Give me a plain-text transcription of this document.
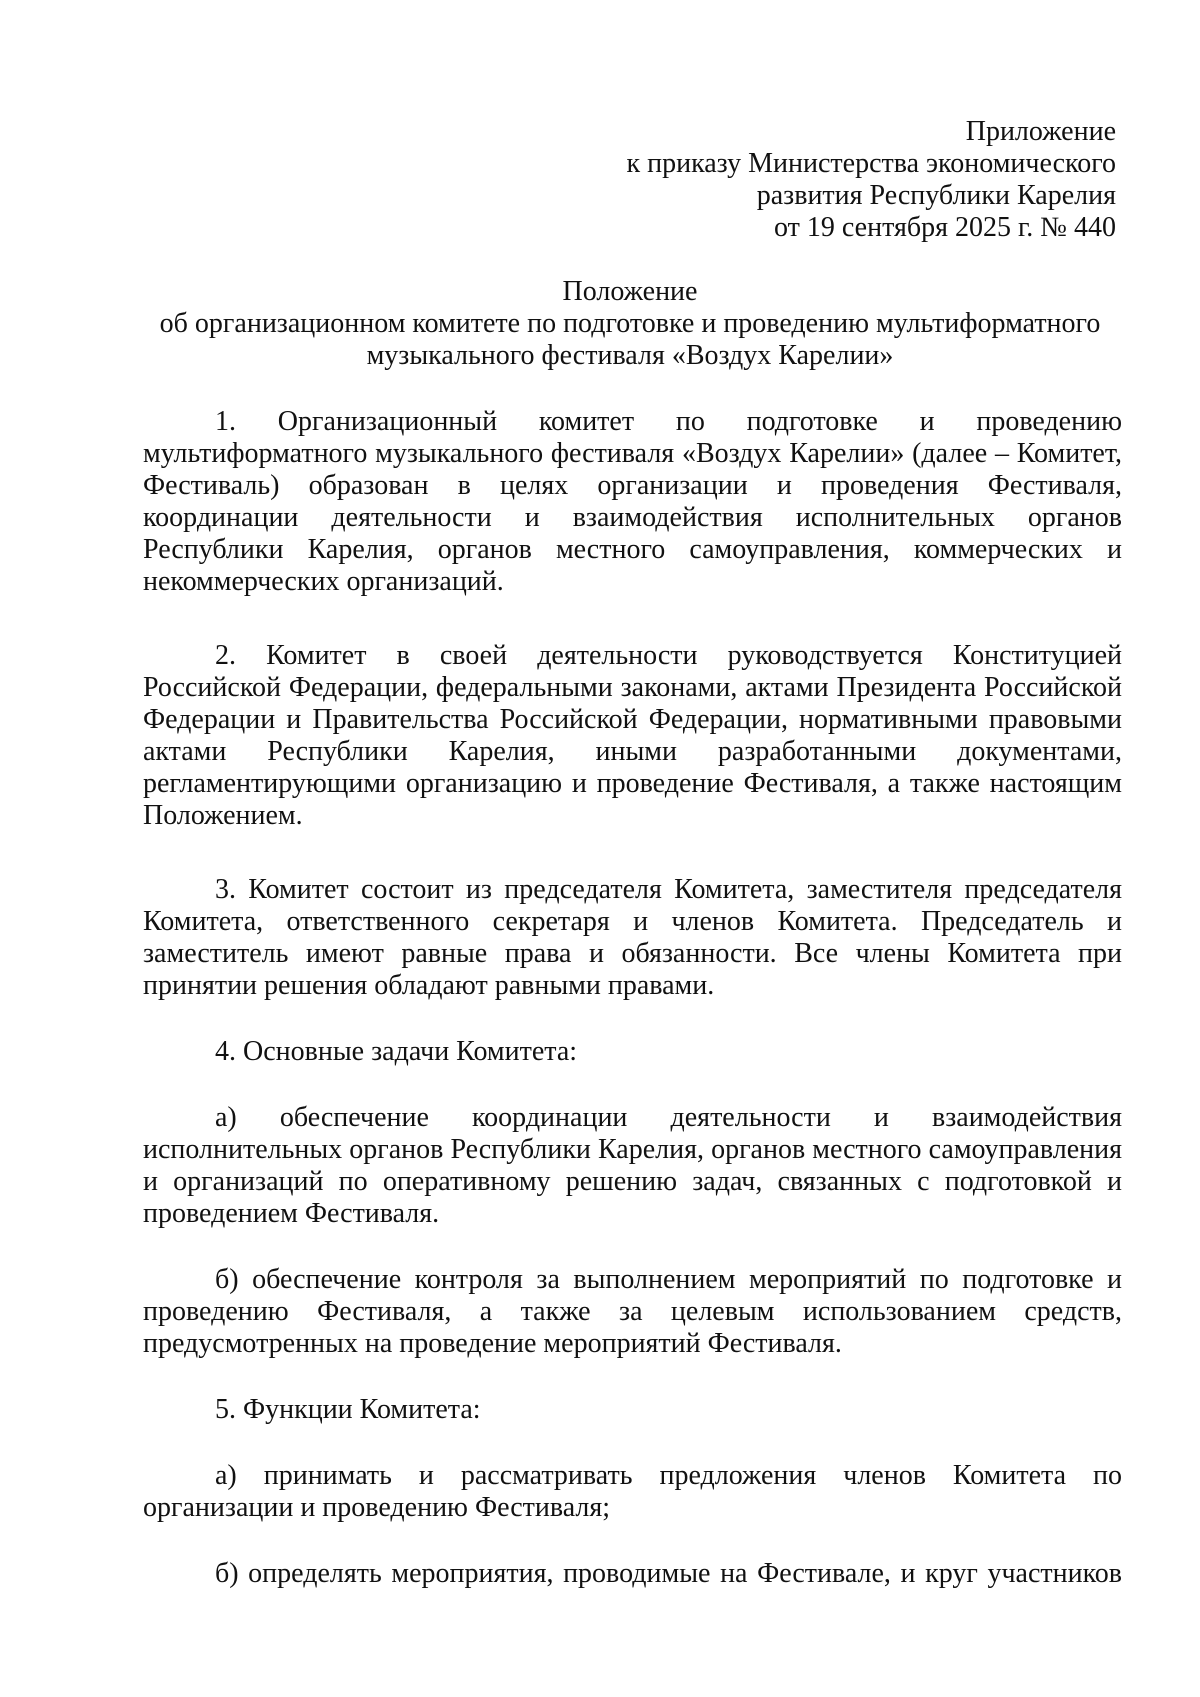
Приложение
к приказу Министерства экономического
развития Республики Карелия
от 19 сентября 2025 г. № 440
Положение
об организационном комитете по подготовке и проведению мультиформатного
музыкального фестиваля «Воздух Карелии»

1. Организационный комитет по подготовке и проведению мультиформатного музыкального фестиваля «Воздух Карелии» (далее – Комитет, Фестиваль) образован в целях организации и проведения Фестиваля, координации деятельности и взаимодействия исполнительных органов Республики Карелия, органов местного самоуправления, коммерческих и некоммерческих организаций.

2. Комитет в своей деятельности руководствуется Конституцией Российской Федерации, федеральными законами, актами Президента Российской Федерации и Правительства Российской Федерации, нормативными правовыми актами Республики Карелия, иными разработанными документами, регламентирующими организацию и проведение Фестиваля, а также настоящим Положением.

3. Комитет состоит из председателя Комитета, заместителя председателя Комитета, ответственного секретаря и членов Комитета. Председатель и заместитель имеют равные права и обязанности. Все члены Комитета при принятии решения обладают равными правами.

4. Основные задачи Комитета:

а) обеспечение координации деятельности и взаимодействия исполнительных органов Республики Карелия, органов местного самоуправления и организаций по оперативному решению задач, связанных с подготовкой и проведением Фестиваля.

б) обеспечение контроля за выполнением мероприятий по подготовке и проведению Фестиваля, а также за целевым использованием средств, предусмотренных на проведение мероприятий Фестиваля.

5. Функции Комитета:

а) принимать и рассматривать предложения членов Комитета по организации и проведению Фестиваля;

б) определять мероприятия, проводимые на Фестивале, и круг участников
